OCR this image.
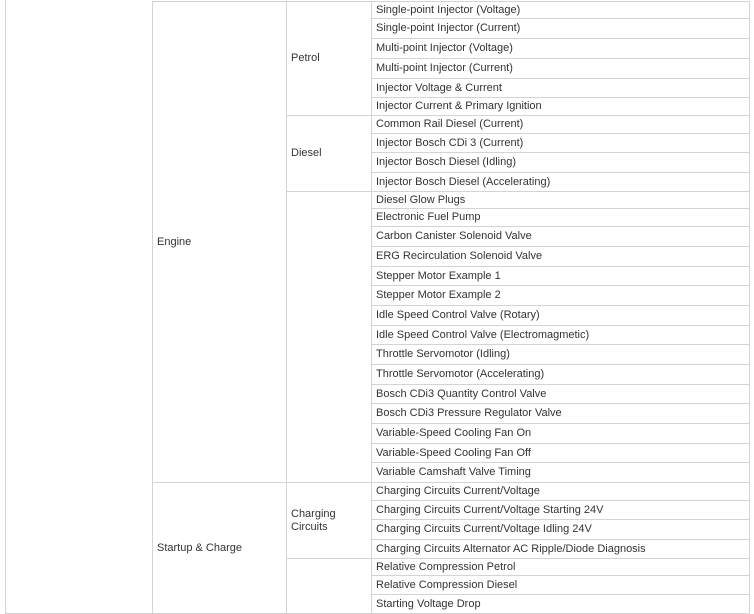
Single-point Injector (Voltage)
Single-point Injector (Current)
Multi-point Injector (Voltage)
Multi-point Injector (Current)
Injector Voltage & Current
Injector Current & Primary Ignition
Petrol
Common Rail Diesel (Current)
Injector Bosch CDi 3 (Current)
Injector Bosch Diesel (Idling)
Injector Bosch Diesel (Accelerating)
Diesel
Diesel Glow Plugs
Electronic Fuel Pump
Carbon Canister Solenoid Valve
ERG Recirculation Solenoid Valve
Stepper Motor Example 1
Stepper Motor Example 2
Idle Speed Control Valve (Rotary)
Idle Speed Control Valve (Electromagmetic)
Throttle Servomotor (Idling)
Throttle Servomotor (Accelerating)
Bosch CDi3 Quantity Control Valve
Bosch CDi3 Pressure Regulator Valve
Variable-Speed Cooling Fan On
Variable-Speed Cooling Fan Off
Variable Camshaft Valve Timing
Engine
Charging Circuits Current/Voltage
Charging Circuits Current/Voltage Starting 24V
Charging Circuits Current/Voltage Idling 24V
Charging Circuits Alternator AC Ripple/Diode Diagnosis
Charging
Circuits
Relative Compression Petrol
Relative Compression Diesel
Starting Voltage Drop
Startup & Charge
